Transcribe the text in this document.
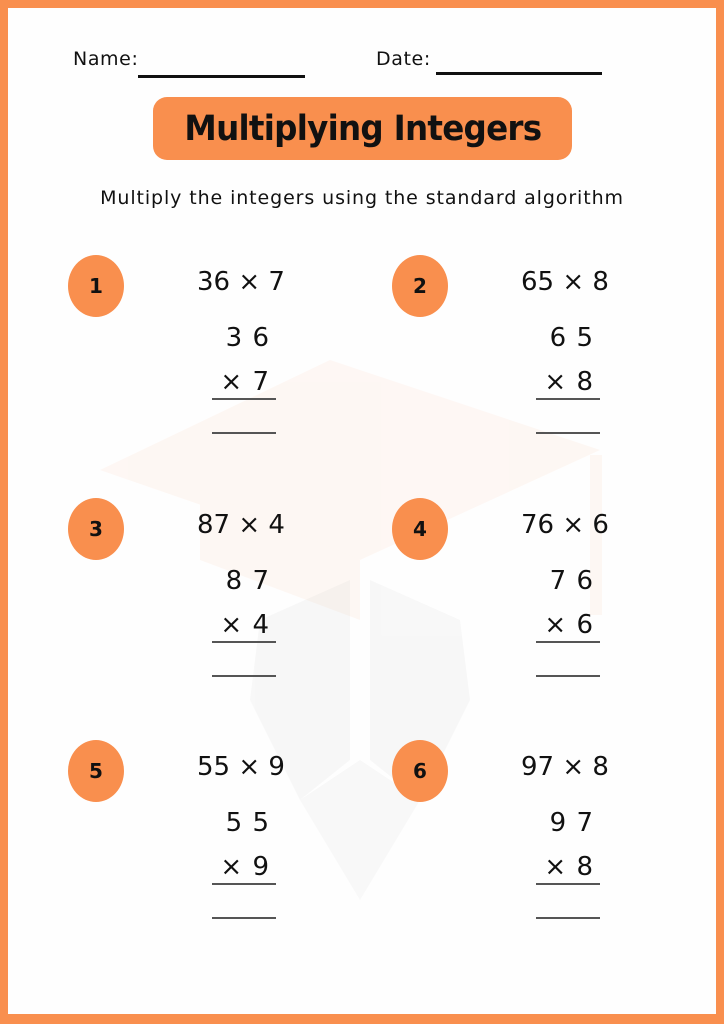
Name:	Date:
Multiplying Integers
Multiply the integers using the standard algorithm
1	36 × 7
3 6
× 7
2	65 × 8
6 5
× 8
3	87 × 4
8 7
× 4
4	76 × 6
7 6
× 6
5	55 × 9
5 5
× 9
6	97 × 8
9 7
× 8
